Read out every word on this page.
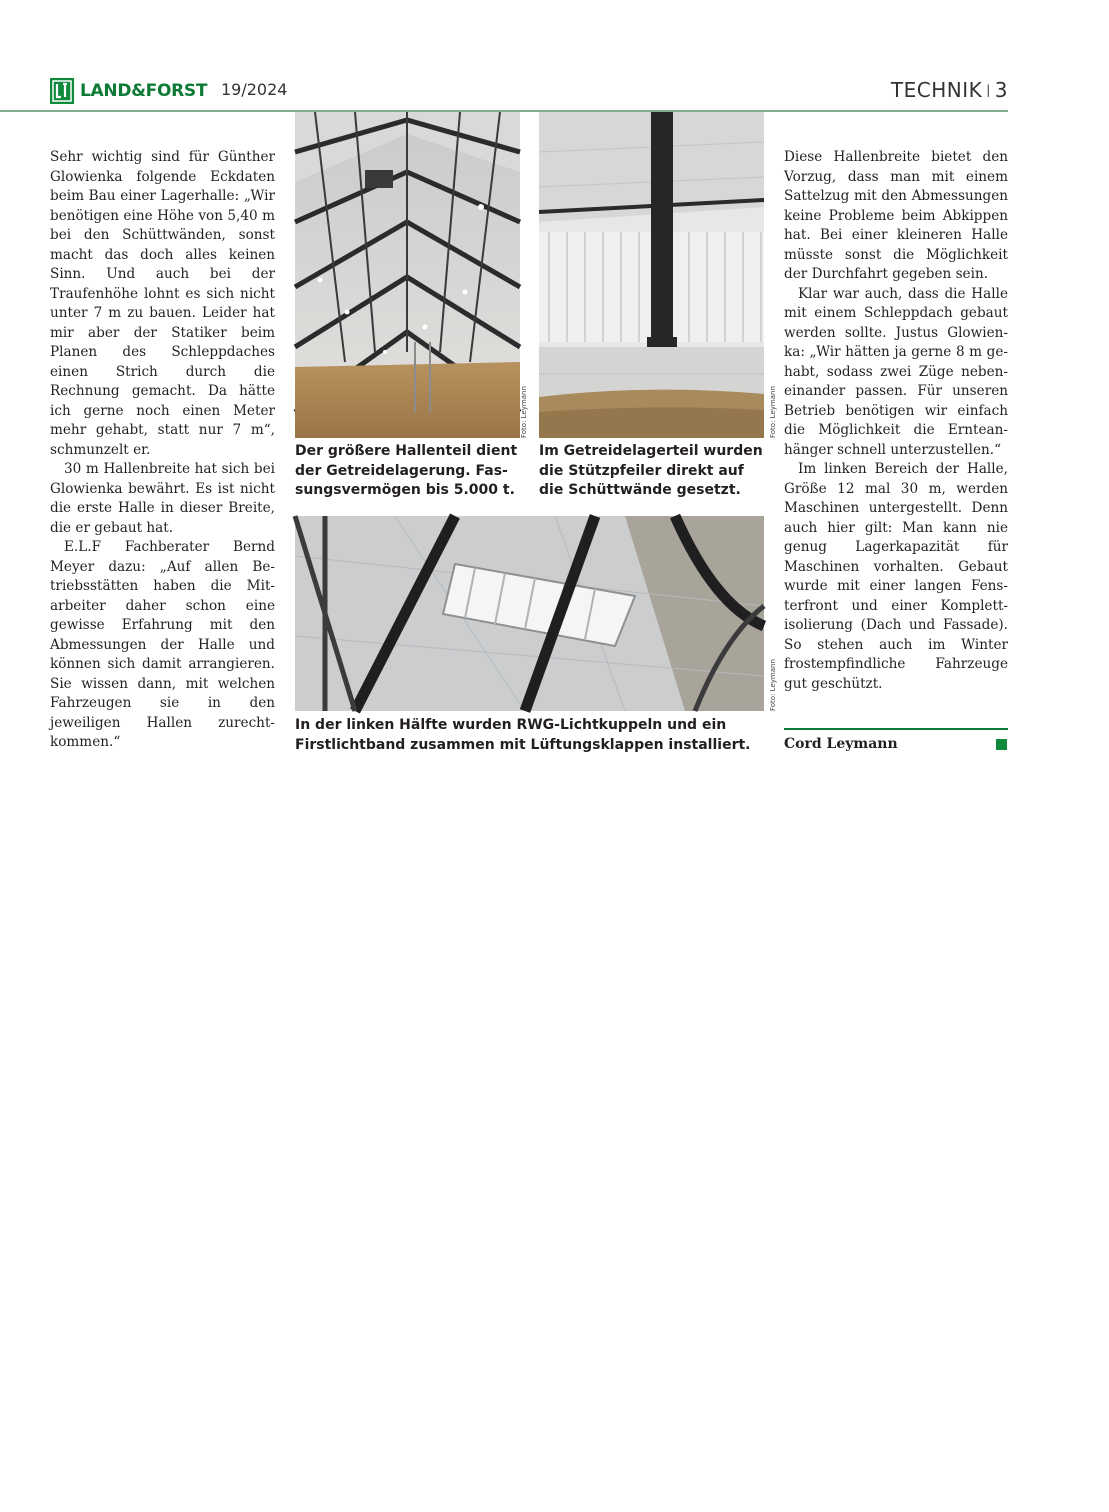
LAND&FORST 19/2024	TECHNIK | 3

Sehr wichtig sind für Günther Glowienka folgende Eckdaten beim Bau einer Lagerhalle: „Wir benötigen eine Höhe von 5,40 m bei den Schüttwänden, sonst macht das doch alles keinen Sinn. Und auch bei der Traufenhöhe lohnt es sich nicht unter 7 m zu bauen. Leider hat mir aber der Statiker beim Planen des Schleppdaches einen Strich durch die Rechnung gemacht. Da hätte ich gerne noch einen Meter mehr gehabt, statt nur 7 m“, schmunzelt er.

30 m Hallenbreite hat sich bei Glowienka bewährt. Es ist nicht die erste Halle in dieser Breite, die er gebaut hat.

E.L.F Fachberater Bernd Meyer dazu: „Auf allen Betriebsstätten haben die Mitarbeiter daher schon eine gewisse Erfahrung mit den Abmessungen der Halle und können sich damit arrangieren. Sie wissen dann, mit welchen Fahrzeugen sie in den jeweiligen Hallen zurechtkommen.“

Foto: Leymann
Der größere Hallenteil dient der Getreidelagerung. Fassungsvermögen bis 5.000 t.
Foto: Leymann
Im Getreidelagerteil wurden die Stützpfeiler direkt auf die Schüttwände gesetzt.
Foto: Leymann
In der linken Hälfte wurden RWG-Lichtkuppeln und ein Firstlichtband zusammen mit Lüftungsklappen installiert.

Diese Hallenbreite bietet den Vorzug, dass man mit einem Sattelzug mit den Abmessungen keine Probleme beim Abkippen hat. Bei einer kleineren Halle müsste sonst die Möglichkeit der Durchfahrt gegeben sein.

Klar war auch, dass die Halle mit einem Schleppdach gebaut werden sollte. Justus Glowienka: „Wir hätten ja gerne 8 m gehabt, sodass zwei Züge nebeneinander passen. Für unseren Betrieb benötigen wir einfach die Möglichkeit die Ernteanhänger schnell unterzustellen.“

Im linken Bereich der Halle, Größe 12 mal 30 m, werden Maschinen untergestellt. Denn auch hier gilt: Man kann nie genug Lagerkapazität für Maschinen vorhalten. Gebaut wurde mit einer langen Fensterfront und einer Komplettisolierung (Dach und Fassade). So stehen auch im Winter frostempfindliche Fahrzeuge gut geschützt.

Cord Leymann
